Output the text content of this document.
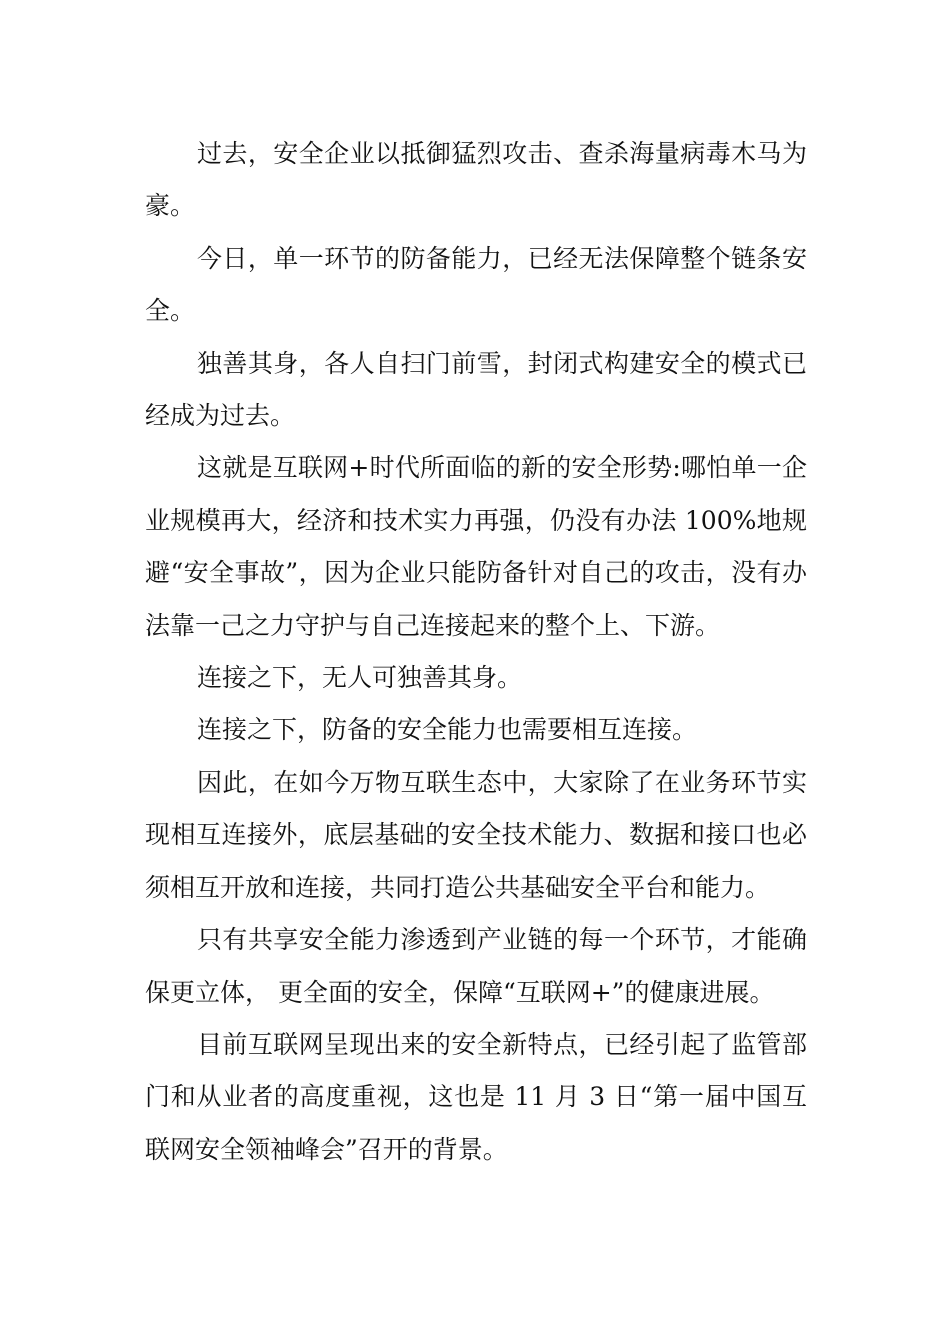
过去，安全企业以抵御猛烈攻击、查杀海量病毒木马为豪。

今日，单一环节的防备能力，已经无法保障整个链条安全。

独善其身，各人自扫门前雪，封闭式构建安全的模式已经成为过去。

这就是互联网+时代所面临的新的安全形势:哪怕单一企业规模再大，经济和技术实力再强，仍没有办法 100%地规避“安全事故”，因为企业只能防备针对自己的攻击，没有办法靠一己之力守护与自己连接起来的整个上、下游。

连接之下，无人可独善其身。

连接之下，防备的安全能力也需要相互连接。

因此，在如今万物互联生态中，大家除了在业务环节实现相互连接外，底层基础的安全技术能力、数据和接口也必须相互开放和连接，共同打造公共基础安全平台和能力。

只有共享安全能力渗透到产业链的每一个环节，才能确保更立体， 更全面的安全，保障“互联网+”的健康进展。

目前互联网呈现出来的安全新特点，已经引起了监管部门和从业者的高度重视，这也是 11 月 3 日“第一届中国互联网安全领袖峰会”召开的背景。
